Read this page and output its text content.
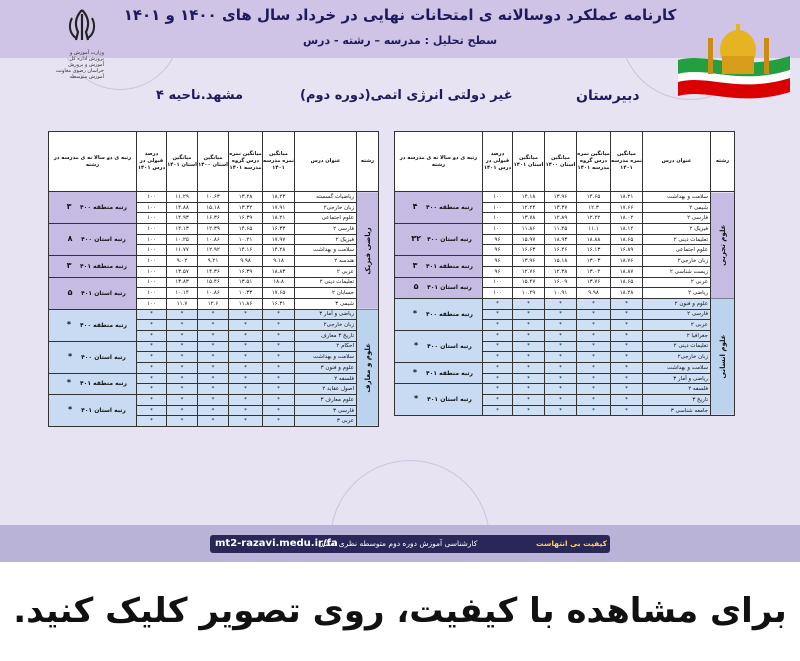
کارنامه عملکرد دوسالانه ی امتحانات نهایی در خرداد سال های ۱۴۰۰ و ۱۴۰۱
سطح تحلیل : مدرسه – رشته - درس
وزارت آموزش و پرورش اداره کل آموزش و پرورش خراسان رضوی معاونت آموزش متوسطه
دبیرستان
غیر دولتی انرژی اتمی(دوره دوم)
مشهد.ناحیه ۴
رشته	عنوان درس	میانگین نمره مدرسه ۱۴۰۱	میانگین نمره درس گروه مدرسه ۱۴۰۱	میانگین استان ۱۴۰۰	میانگین استان ۱۴۰۱	درصد قبولی در درس ۱۴۰۱	رتبه ی دو سالا نه ی مدرسه در رشته
علوم تجربی	سلامت و بهداشت	۱۸.۲۱	۱۴.۶۵	۱۳.۹۶	۱۴.۱۸	۱۰۰	رتبه منطقه ۴۰۰۴
	شیمی ۲	۱۷.۶۶	۱۲.۳	۱۳.۳۷	۱۲.۲۴	۱۰۰	
	فارسی ۲	۱۸.۰۲	۱۲.۲۲	۱۲.۸۹	۱۳.۷۸	۱۰۰	
	فیزیک ۲	۱۸.۱۲	۱۱.۱	۱۱.۴۵	۱۱.۸۶	۱۰۰	رتبه استان ۴۰۰۳۲
	تعلیمات دینی ۲	۱۸.۶۵	۱۸.۸۸	۱۸.۹۳	۱۵.۹۷	۹۶	
	علوم اجتماعی	۱۶.۸۹	۱۶.۱۳	۱۶.۴۶	۱۶.۶۳	۹۶	
	زبان خارجی۲	۱۸.۷۶	۱۳.۰۳	۱۵.۱۸	۱۳.۹۶	۹۶	رتبه منطقه ۴۰۱۳
	زیست شناسی ۲	۱۸.۸۷	۱۳.۰۲	۱۲.۳۸	۱۲.۷۶	۹۶	
	عربی ۲	۱۸.۶۵	۱۳.۷۶	۱۶.۰۹	۱۵.۴۷	۱۰۰	رتبه استان ۴۰۱۵
	ریاضی ۲	۱۸.۲۸	۹.۹۸	۱۰.۹۱	۱۰.۲۹	۱۰۰	
علوم انسانی	علوم و فنون ۲	*	*	*	*	*	رتبه منطقه ۴۰۰*
	فارسی ۲	*	*	*	*	*	
	عربی ۲	*	*	*	*	*	
	جغرافیا ۲	*	*	*	*	*	رتبه استان ۴۰۰*
	تعلیمات دینی ۲	*	*	*	*	*	
	زبان خارجی۲	*	*	*	*	*	
	سلامت و بهداشت	*	*	*	*	*	رتبه منطقه ۴۰۱*
	ریاضی و آمار ۳	*	*	*	*	*	
	فلسفه ۲	*	*	*	*	*	رتبه استان ۴۰۱*
	تاریخ ۳	*	*	*	*	*	
	جامعه شناسی ۳	*	*	*	*	*	
رشته	عنوان درس	میانگین نمره مدرسه ۱۴۰۱	میانگین نمره درس گروه مدرسه ۱۴۰۱	میانگین استان ۱۴۰۰	میانگین استان ۱۴۰۱	درصد قبولی در درس ۱۴۰۱	رتبه ی دو سالا نه ی مدرسه در رشته
ریاضی فیزیک	ریاضیات گسسته	۱۸.۲۳	۱۳.۲۸	۱۰.۶۳	۱۱.۲۹	۱۰۰	رتبه منطقه ۴۰۰۳
	زبان خارجی۲	۱۷.۹۱	۱۳.۳۲	۱۵.۱۸	۱۴.۸۸	۱۰۰	
	علوم اجتماعی	۱۸.۲۱	۱۶.۳۹	۱۶.۳۶	۱۴.۹۳	۱۰۰	
	فارسی ۲	۱۶.۳۳	۱۴.۶۵	۱۲.۳۹	۱۴.۱۳	۱۰۰	رتبه استان ۴۰۰۸
	فیزیک ۲	۱۷.۹۷	۱۰.۲۱	۱۰.۸۶	۱۰.۲۵	۱۰۰	
	سلامت و بهداشت	۱۴.۲۸	۱۴.۱۶	۱۲.۹۲	۱۱.۷۷	۱۰۰	
	هندسه ۲	۹.۱۸	۹.۹۸	۹.۲۱	۹.۰۲	۱۰۰	رتبه منطقه ۴۰۱۳
	عربی ۲	۱۸.۸۳	۱۶.۳۹	۱۴.۳۶	۱۳.۵۷	۱۰۰	
	تعلیمات دینی ۲	۱۸.۸	۱۳.۵۱	۱۵.۴۶	۱۳.۸۳	۱۰۰	رتبه استان ۴۰۱۵
	حسابان ۲	۱۷.۶۵	۱۰.۳۳	۱۰.۸۶	۱۰.۱۴	۱۰۰	
	شیمی ۳	۱۶.۳۱	۱۱.۸۶	۱۲.۶	۱۱.۷	۱۰۰	
علوم و معارف	ریاضی و آمار ۳	*	*	*	*	*	رتبه منطقه ۴۰۰*
	زبان خارجی۲	*	*	*	*	*	
	تاریخ ۳ معارف	*	*	*	*	*	
	احکام ۲	*	*	*	*	*	رتبه استان ۴۰۰*
	سلامت و بهداشت	*	*	*	*	*	
	علوم و فنون ۳	*	*	*	*	*	
	فلسفه ۲	*	*	*	*	*	رتبه منطقه ۴۰۱*
	اصول عقاید ۲	*	*	*	*	*	
	علوم معارف ۳	*	*	*	*	*	رتبه استان ۴۰۱*
	فارسی ۳	*	*	*	*	*	
	عربی ۳	*	*	*	*	*	
mt2-razavi.medu.ir/fa
کارشناسی آموزش دوره دوم متوسطه نظری استان	کیفیت بی انتهاست
برای مشاهده با کیفیت، روی تصویر کلیک کنید.
